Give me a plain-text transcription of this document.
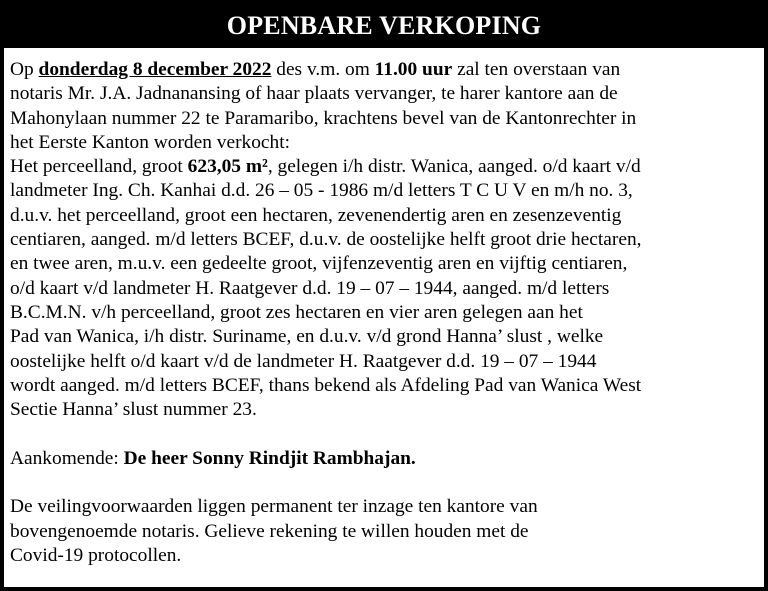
OPENBARE VERKOPING
Op donderdag 8 december 2022 des v.m. om 11.00 uur zal ten overstaan van
notaris Mr. J.A. Jadnanansing of haar plaats vervanger, te harer kantore aan de
Mahonylaan nummer 22 te Paramaribo, krachtens bevel van de Kantonrechter in
het Eerste Kanton worden verkocht:
Het perceelland, groot 623,05 m², gelegen i/h distr. Wanica, aanged. o/d kaart v/d
landmeter Ing. Ch. Kanhai d.d. 26 – 05 - 1986 m/d letters T C U V en m/h no. 3,
d.u.v. het perceelland, groot een hectaren, zevenendertig aren en zesenzeventig
centiaren, aanged. m/d letters BCEF, d.u.v. de oostelijke helft groot drie hectaren,
en twee aren, m.u.v. een gedeelte groot, vijfenzeventig aren en vijftig centiaren,
o/d kaart v/d landmeter H. Raatgever d.d. 19 – 07 – 1944, aanged. m/d letters
B.C.M.N. v/h perceelland, groot zes hectaren en vier aren gelegen aan het
Pad van Wanica, i/h distr. Suriname, en d.u.v. v/d grond Hanna’ slust , welke
oostelijke helft o/d kaart v/d de landmeter H. Raatgever d.d. 19 – 07 – 1944
wordt aanged. m/d letters BCEF, thans bekend als Afdeling Pad van Wanica West
Sectie Hanna’ slust nummer 23.
Aankomende: De heer Sonny Rindjit Rambhajan.
De veilingvoorwaarden liggen permanent ter inzage ten kantore van
bovengenoemde notaris. Gelieve rekening te willen houden met de
Covid-19 protocollen.
